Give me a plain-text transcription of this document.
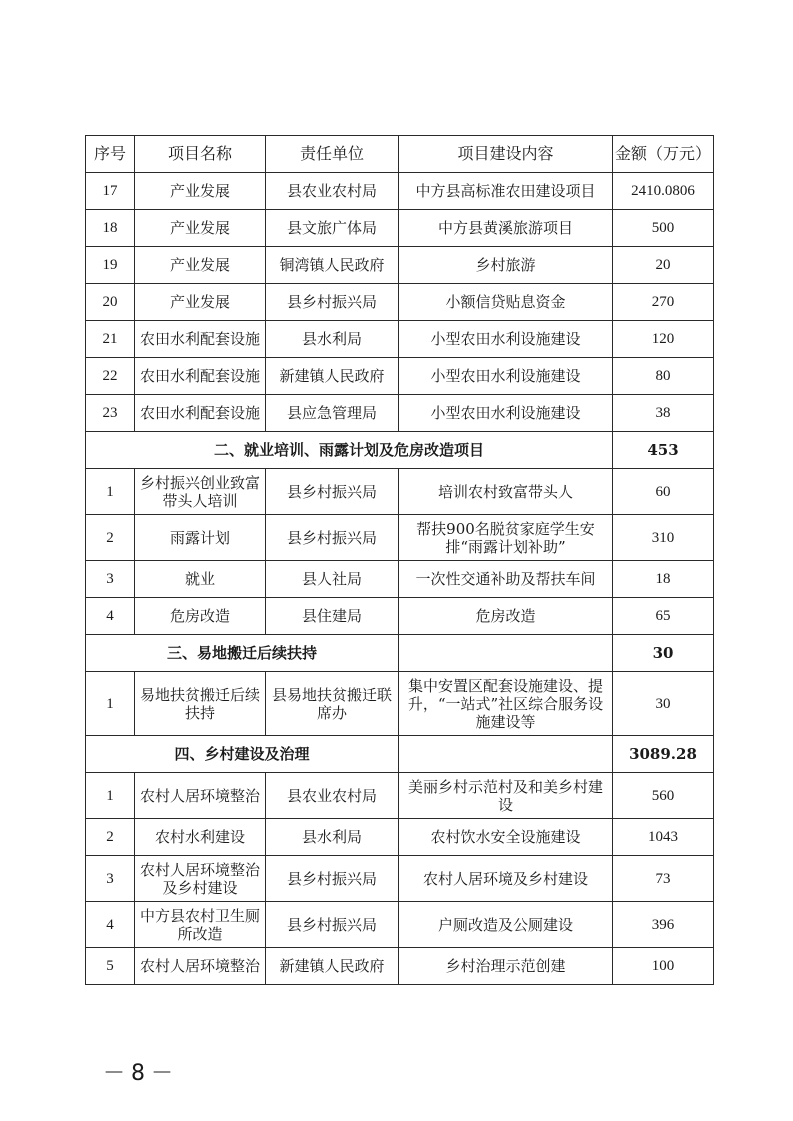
序号	项目名称	责任单位	项目建设内容	金额（万元）
17	产业发展	县农业农村局	中方县高标准农田建设项目	2410.0806
18	产业发展	县文旅广体局	中方县黄溪旅游项目	500
19	产业发展	铜湾镇人民政府	乡村旅游	20
20	产业发展	县乡村振兴局	小额信贷贴息资金	270
21	农田水利配套设施	县水利局	小型农田水利设施建设	120
22	农田水利配套设施	新建镇人民政府	小型农田水利设施建设	80
23	农田水利配套设施	县应急管理局	小型农田水利设施建设	38
二、就业培训、雨露计划及危房改造项目				453
1	乡村振兴创业致富带头人培训	县乡村振兴局	培训农村致富带头人	60
2	雨露计划	县乡村振兴局	帮扶900名脱贫家庭学生安排“雨露计划补助”	310
3	就业	县人社局	一次性交通补助及帮扶车间	18
4	危房改造	县住建局	危房改造	65
三、易地搬迁后续扶持				30
1	易地扶贫搬迁后续扶持	县易地扶贫搬迁联席办	集中安置区配套设施建设、提升，“一站式”社区综合服务设施建设等	30
四、乡村建设及治理				3089.28
1	农村人居环境整治	县农业农村局	美丽乡村示范村及和美乡村建设	560
2	农村水利建设	县水利局	农村饮水安全设施建设	1043
3	农村人居环境整治及乡村建设	县乡村振兴局	农村人居环境及乡村建设	73
4	中方县农村卫生厕所改造	县乡村振兴局	户厕改造及公厕建设	396
5	农村人居环境整治	新建镇人民政府	乡村治理示范创建	100
－8－
